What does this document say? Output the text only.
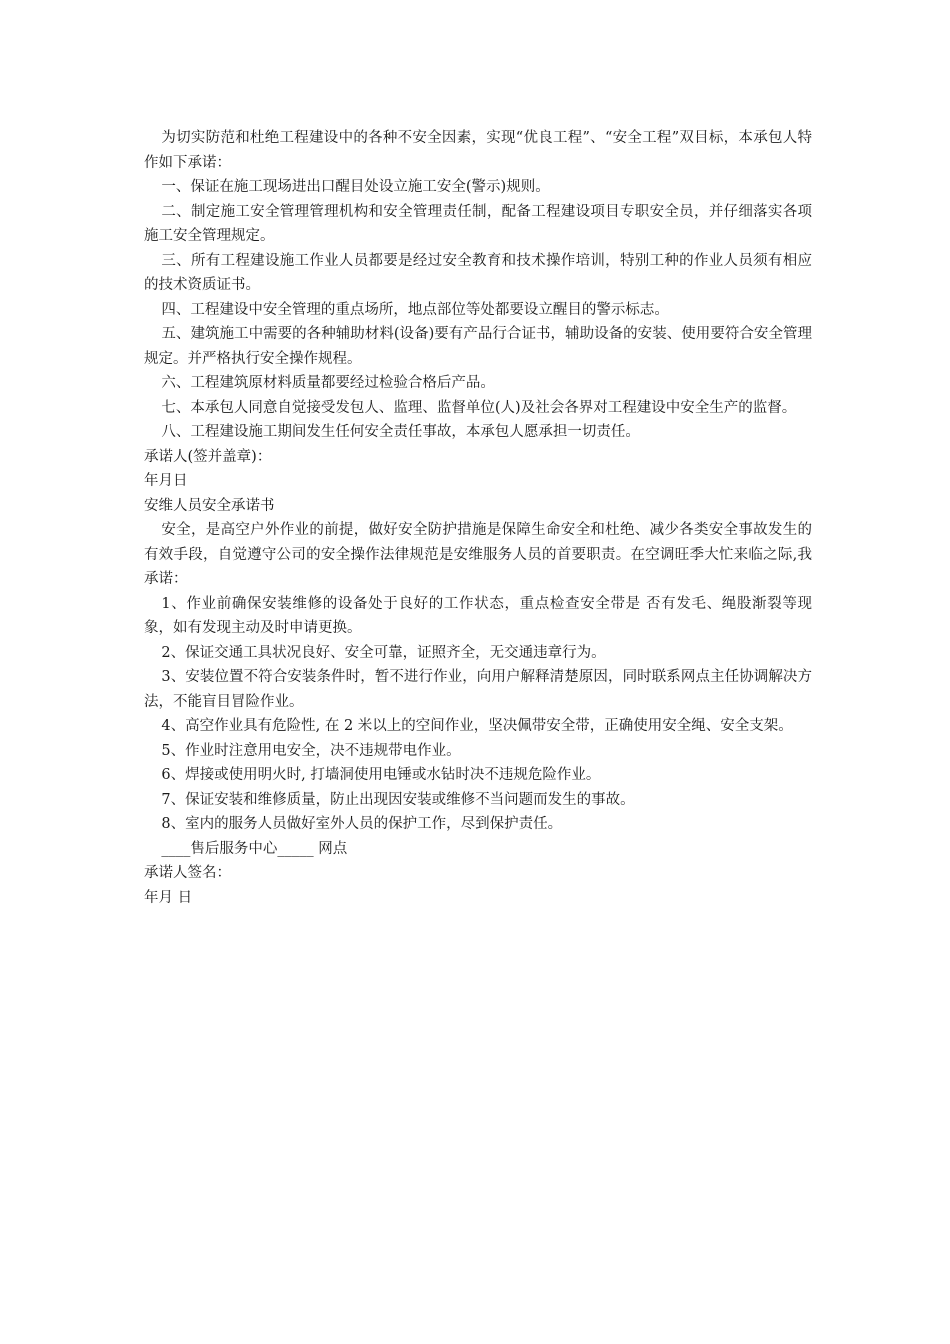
为切实防范和杜绝工程建设中的各种不安全因素，实现“优良工程”、“安全工程”双目标，本承包人特作如下承诺：

一、保证在施工现场进出口醒目处设立施工安全(警示)规则。

二、制定施工安全管理管理机构和安全管理责任制，配备工程建设项目专职安全员，并仔细落实各项施工安全管理规定。

三、所有工程建设施工作业人员都要是经过安全教育和技术操作培训，特别工种的作业人员须有相应的技术资质证书。

四、工程建设中安全管理的重点场所，地点部位等处都要设立醒目的警示标志。

五、建筑施工中需要的各种辅助材料(设备)要有产品行合证书，辅助设备的安装、使用要符合安全管理规定。并严格执行安全操作规程。

六、工程建筑原材料质量都要经过检验合格后产品。

七、本承包人同意自觉接受发包人、监理、监督单位(人)及社会各界对工程建设中安全生产的监督。

八、工程建设施工期间发生任何安全责任事故，本承包人愿承担一切责任。

承诺人(签并盖章)：

年月日

安维人员安全承诺书

安全，是高空户外作业的前提，做好安全防护措施是保障生命安全和杜绝、减少各类安全事故发生的有效手段，自觉遵守公司的安全操作法律规范是安维服务人员的首要职责。在空调旺季大忙来临之际,我承诺：

1、作业前确保安装维修的设备处于良好的工作状态，重点检查安全带是 否有发毛、绳股渐裂等现象，如有发现主动及时申请更换。

2、保证交通工具状况良好、安全可靠，证照齐全，无交通违章行为。

3、安装位置不符合安装条件时，暂不进行作业，向用户解释清楚原因，同时联系网点主任协调解决方法，不能盲目冒险作业。

4、高空作业具有危险性, 在 2 米以上的空间作业，坚决佩带安全带，正确使用安全绳、安全支架。

5、作业时注意用电安全，决不违规带电作业。

6、焊接或使用明火时, 打墙洞使用电锤或水钻时决不违规危险作业。

7、保证安装和维修质量，防止出现因安装或维修不当问题而发生的事故。

8、室内的服务人员做好室外人员的保护工作，尽到保护责任。

____售后服务中心_____ 网点

承诺人签名：

年月 日
